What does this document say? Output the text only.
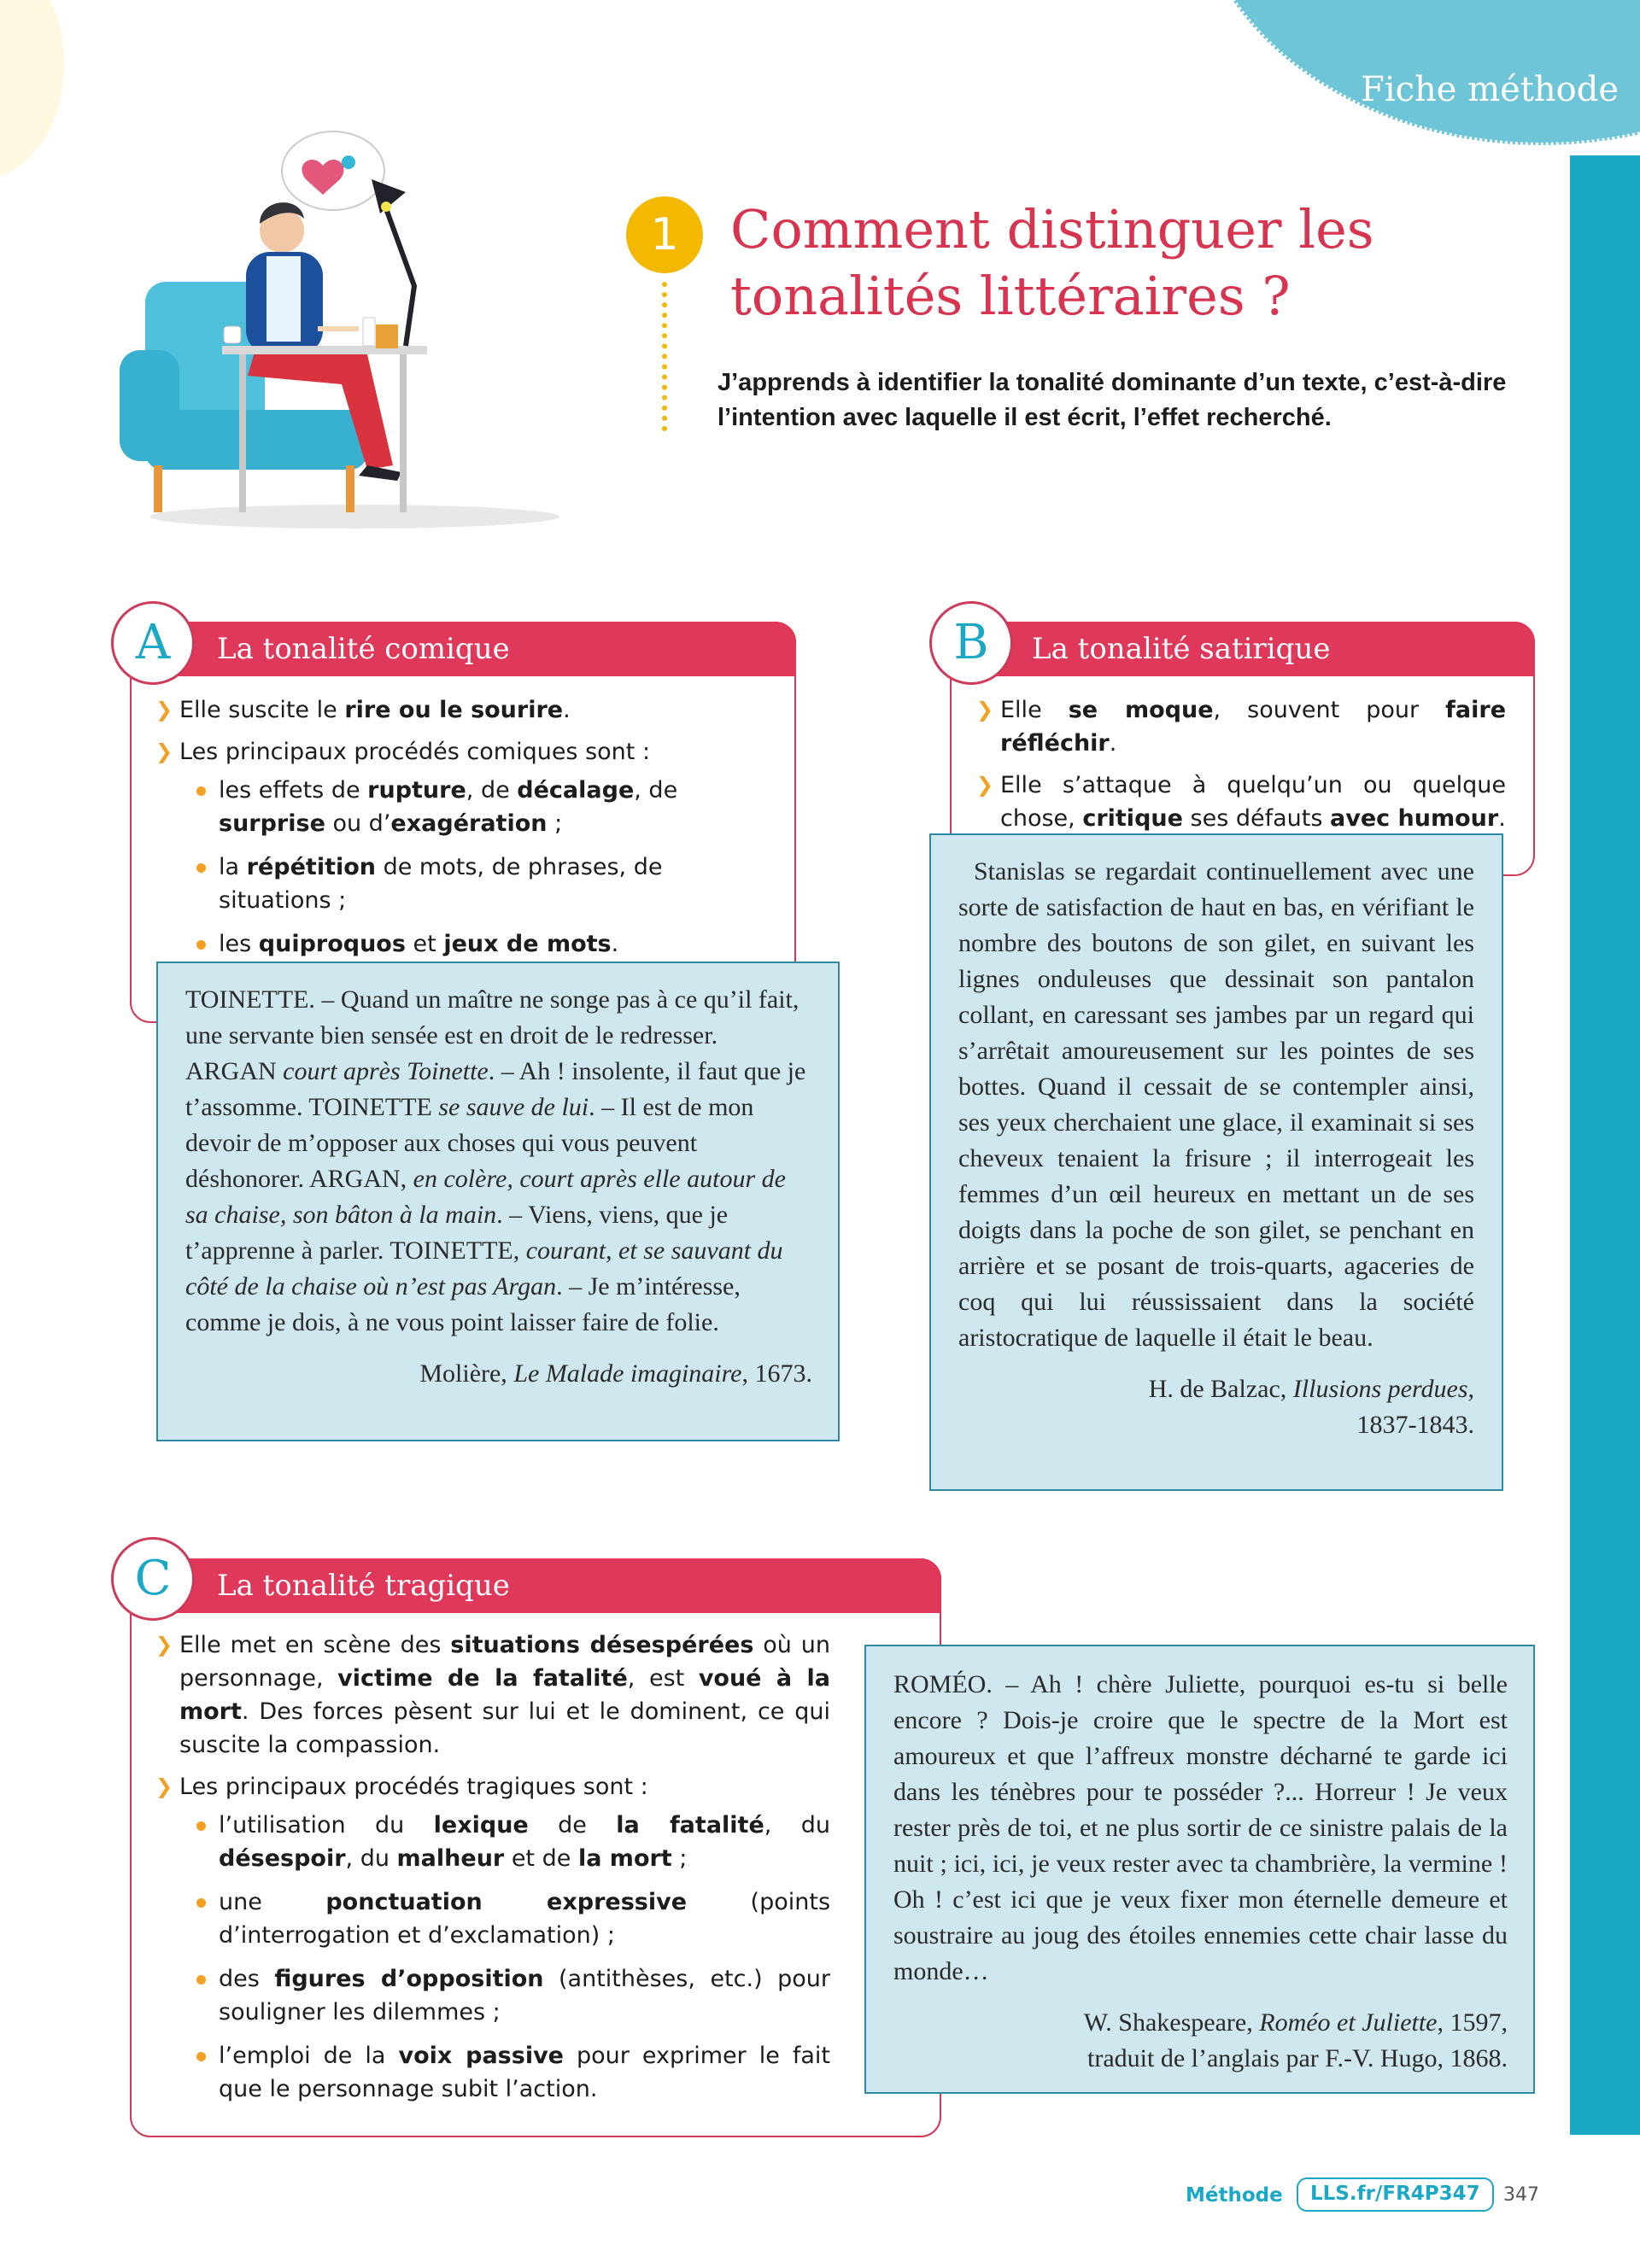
Fiche méthode
1 Comment distinguer les tonalités littéraires ?
J’apprends à identifier la tonalité dominante d’un texte, c’est-à-dire l’intention avec laquelle il est écrit, l’effet recherché.
La tonalité comique
A
❯ Elle suscite le rire ou le sourire.
❯ Les principaux procédés comiques sont :
les effets de rupture, de décalage, de surprise ou d’exagération ;
la répétition de mots, de phrases, de situations ;
les quiproquos et jeux de mots.

TOINETTE. – Quand un maître ne songe pas à ce qu’il fait, une servante bien sensée est en droit de le redresser. ARGAN court après Toinette. – Ah ! insolente, il faut que je t’assomme. TOINETTE se sauve de lui. – Il est de mon devoir de m’opposer aux choses qui vous peuvent déshonorer. ARGAN, en colère, court après elle autour de sa chaise, son bâton à la main. – Viens, viens, que je t’apprenne à parler. TOINETTE, courant, et se sauvant du côté de la chaise où n’est pas Argan. – Je m’intéresse, comme je dois, à ne vous point laisser faire de folie.

Molière, Le Malade imaginaire, 1673.

La tonalité satirique
B
❯ Elle se moque, souvent pour faire réfléchir.
❯ Elle s’attaque à quelqu’un ou quelque chose, critique ses défauts avec humour.

Stanislas se regardait continuellement avec une sorte de satisfaction de haut en bas, en vérifiant le nombre des boutons de son gilet, en suivant les lignes onduleuses que dessinait son pantalon collant, en caressant ses jambes par un regard qui s’arrêtait amoureusement sur les pointes de ses bottes. Quand il cessait de se contempler ainsi, ses yeux cherchaient une glace, il examinait si ses cheveux tenaient la frisure ; il interrogeait les femmes d’un œil heureux en mettant un de ses doigts dans la poche de son gilet, se penchant en arrière et se posant de trois-quarts, agaceries de coq qui lui réussissaient dans la société aristocratique de laquelle il était le beau.

H. de Balzac, Illusions perdues,
1837-1843.

La tonalité tragique
C
❯ Elle met en scène des situations désespérées où un personnage, victime de la fatalité, est voué à la mort. Des forces pèsent sur lui et le dominent, ce qui suscite la compassion.
❯ Les principaux procédés tragiques sont :
l’utilisation du lexique de la fatalité, du désespoir, du malheur et de la mort ;
une ponctuation expressive (points d’interrogation et d’exclamation) ;
des figures d’opposition (antithèses, etc.) pour souligner les dilemmes ;
l’emploi de la voix passive pour exprimer le fait que le personnage subit l’action.

ROMÉO. – Ah ! chère Juliette, pourquoi es-tu si belle encore ? Dois-je croire que le spectre de la Mort est amoureux et que l’affreux monstre décharné te garde ici dans les ténèbres pour te posséder ?... Horreur ! Je veux rester près de toi, et ne plus sortir de ce sinistre palais de la nuit ; ici, ici, je veux rester avec ta chambrière, la vermine ! Oh ! c’est ici que je veux fixer mon éternelle demeure et soustraire au joug des étoiles ennemies cette chair lasse du monde…

W. Shakespeare, Roméo et Juliette, 1597,
traduit de l’anglais par F.-V. Hugo, 1868.

Méthode	LLS.fr/FR4P347	347
